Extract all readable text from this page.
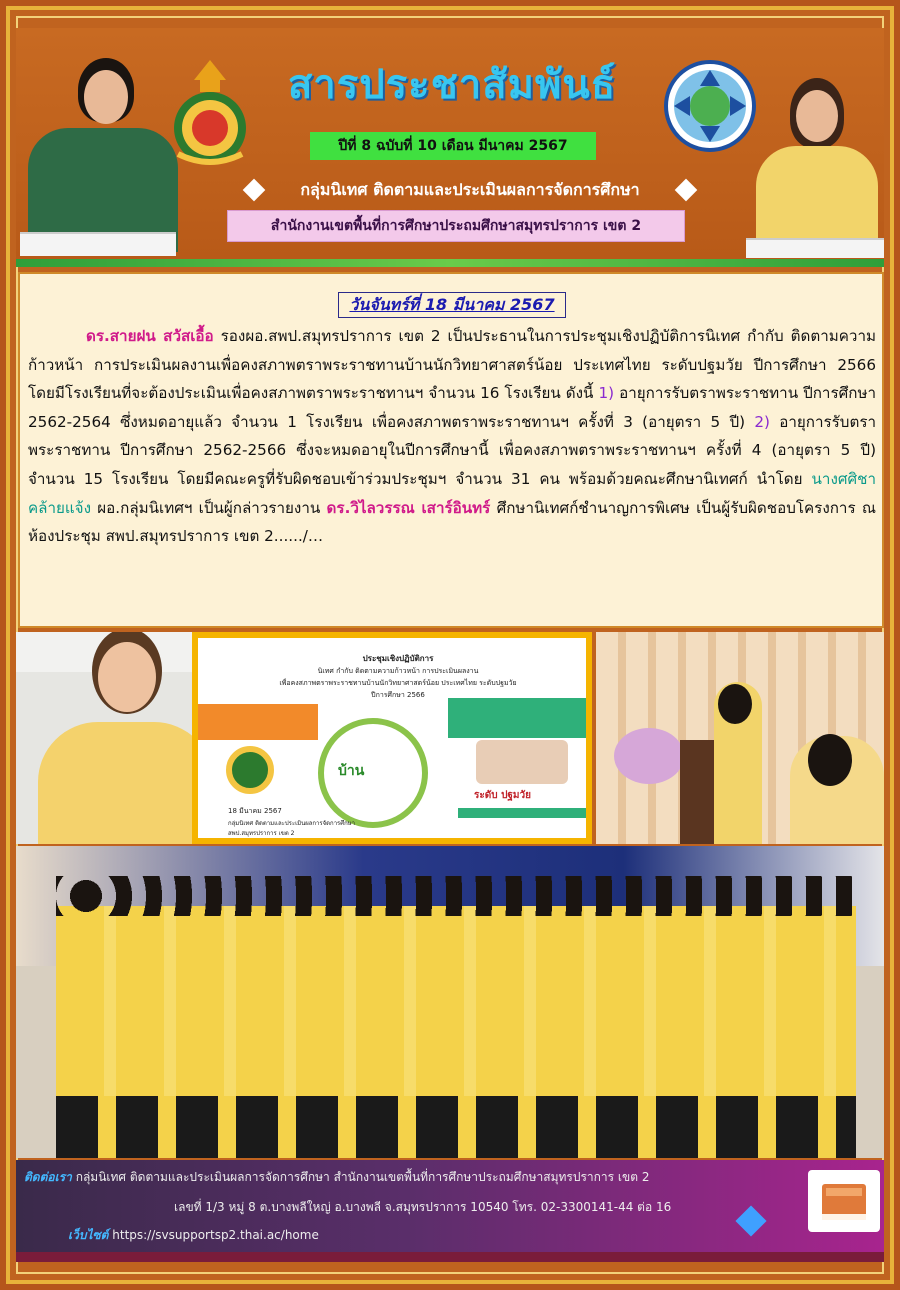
สารประชาสัมพันธ์
ปีที่ 8 ฉบับที่ 10 เดือน มีนาคม 2567
กลุ่มนิเทศ ติดตามและประเมินผลการจัดการศึกษา
สำนักงานเขตพื้นที่การศึกษาประถมศึกษาสมุทรปราการ เขต 2
วันจันทร์ที่ 18 มีนาคม 2567
ดร.สายฝน สวัสเอื้อ รองผอ.สพป.สมุทรปราการ เขต 2 เป็นประธานในการประชุมเชิงปฏิบัติการนิเทศ กำกับ ติดตามความก้าวหน้า การประเมินผลงานเพื่อคงสภาพตราพระราชทานบ้านนักวิทยาศาสตร์น้อย ประเทศไทย ระดับปฐมวัย ปีการศึกษา 2566 โดยมีโรงเรียนที่จะต้องประเมินเพื่อคงสภาพตราพระราชทานฯ จำนวน 16 โรงเรียน ดังนี้ 1) อายุการรับตราพระราชทาน ปีการศึกษา 2562-2564 ซึ่งหมดอายุแล้ว จำนวน 1 โรงเรียน เพื่อคงสภาพตราพระราชทานฯ ครั้งที่ 3 (อายุตรา 5 ปี) 2) อายุการรับตราพระราชทาน ปีการศึกษา 2562-2566 ซึ่งจะหมดอายุในปีการศึกษานี้ เพื่อคงสภาพตราพระราชทานฯ ครั้งที่ 4 (อายุตรา 5 ปี) จำนวน 15 โรงเรียน โดยมีคณะครูที่รับผิดชอบเข้าร่วมประชุมฯ จำนวน 31 คน พร้อมด้วยคณะศึกษานิเทศก์ นำโดย นางศศิชา คล้ายแจ้ง ผอ.กลุ่มนิเทศฯ เป็นผู้กล่าวรายงาน ดร.วิไลวรรณ เสาร์อินทร์ ศึกษานิเทศก์ชำนาญการพิเศษ เป็นผู้รับผิดชอบโครงการ ณ ห้องประชุม สพป.สมุทรปราการ เขต 2....../…
ประชุมเชิงปฏิบัติการ
นิเทศ กำกับ ติดตามความก้าวหน้า การประเมินผลงาน
เพื่อคงสภาพตราพระราชทานบ้านนักวิทยาศาสตร์น้อย ประเทศไทย ระดับปฐมวัย
ปีการศึกษา 2566
บ้าน
ระดับ ปฐมวัย
18 มีนาคม 2567
กลุ่มนิเทศ ติดตามและประเมินผลการจัดการศึกษา
สพป.สมุทรปราการ เขต 2
ติดต่อเรา กลุ่มนิเทศ ติดตามและประเมินผลการจัดการศึกษา สำนักงานเขตพื้นที่การศึกษาประถมศึกษาสมุทรปราการ เขต 2
เลขที่ 1/3 หมู่ 8 ต.บางพลีใหญ่ อ.บางพลี จ.สมุทรปราการ 10540 โทร. 02-3300141-44 ต่อ 16
เว็บไซต์ https://svsupportsp2.thai.ac/home
